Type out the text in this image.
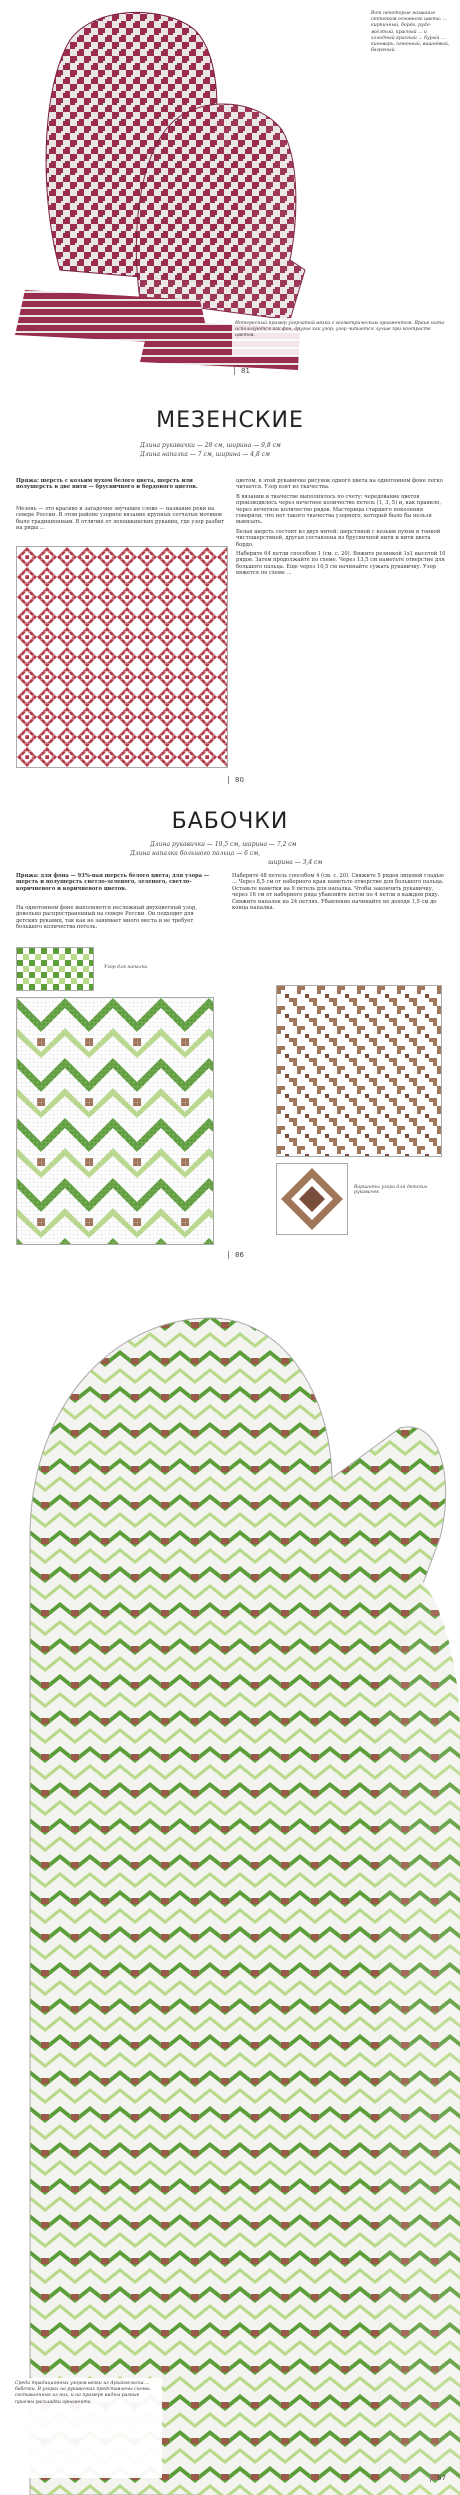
Вот некоторые названия оттенков основного цвета: ... кирпичный, бордо, рудо-жёлтый, красный ... и холодный красный ... бурый ... киноварь, огненный, вишнёвый, багряный.
Интересный пример узорчатой вязки с геометрическим орнаментом. Яркие нити используются как фон, другие как узор; узор читается лучше при контрасте цветов.
81
МЕЗЕНСКИЕ
Длина рукавички — 28 см, ширина — 9,8 см
Длина напалка — 7 см, ширина — 4,8 см
Пряжа: шерсть с козьим пухом белого цвета, шерсть или полушерсть в две нити — брусничного и бордового цветов.
Мезень — это красиво и загадочно звучащее слово — название реки на севере России. В этом районе узорное вязание крупных сетчатых мотивов было традиционным. В отличие от лепешкинских рукавиц, где узор разбит на ряды ...

цветом, в этой рукавичке рисунок одного цвета на однотонном фоне легко читается. Узор взят из ткачества.

В вязании и ткачестве выполнялось по счету: чередование цветов производилось через нечетное количество петель (1, 3, 5) и, как правило, через нечетное количество рядов. Мастерицы старшего поколения говорили, что нет такого ткачества узорного, который было бы нельзя вывязать.

Белая шерсть состоит из двух нитей: шерстяной с козьим пухом и тонкой чистошерстяной, другая составлена из брусничной нити и нити цвета бордо.

Наберите 64 петли способом 1 (см. с. 20). Вяжите резинкой 1х1 высотой 10 рядов. Затем продолжайте по схеме. Через 13,5 см наметьте отверстие для большого пальца. Еще через 10,5 см начинайте сужать рукавичку. Узор вяжется по схеме ...

80
БАБОЧКИ
Длина рукавички — 19,5 см, ширина — 7,2 см
Длина напалка большого пальца — 6 см,
ширина — 3,4 см
Пряжа: для фона — 93%-ная шерсть белого цвета; для узора — шерсть и полушерсть светло-зеленого, зеленого, светло-коричневого и коричневого цветов.
На однотонном фоне выполняется несложный двухцветный узор, довольно распространенный на севере России. Он подходит для детских рукавиц, так как не занимает много места и не требует большого количества петель.
Наберите 48 петель способом 4 (см. с. 20). Свяжите 5 рядов лицевой гладью ... Через 8,5 см от наборного края наметьте отверстие для большого пальца. Оставьте наметки на 9 петель для напалка. Чтобы закончить рукавичку, через 16 см от наборного ряда убавляйте петли по 4 петли в каждом ряду. Свяжите напалок на 24 петлях. Убавление начинайте не доходя 1,5 см до конца напалка.
Узор для напалка
Варианты узора для детских рукавичек
86
Среди традиционных узоров вязки из Архангельска ... бабочки. В узорах на рукавичках представлены схемы, составленные из них, и на примере видны разные приемы раскладки орнамента.
87
